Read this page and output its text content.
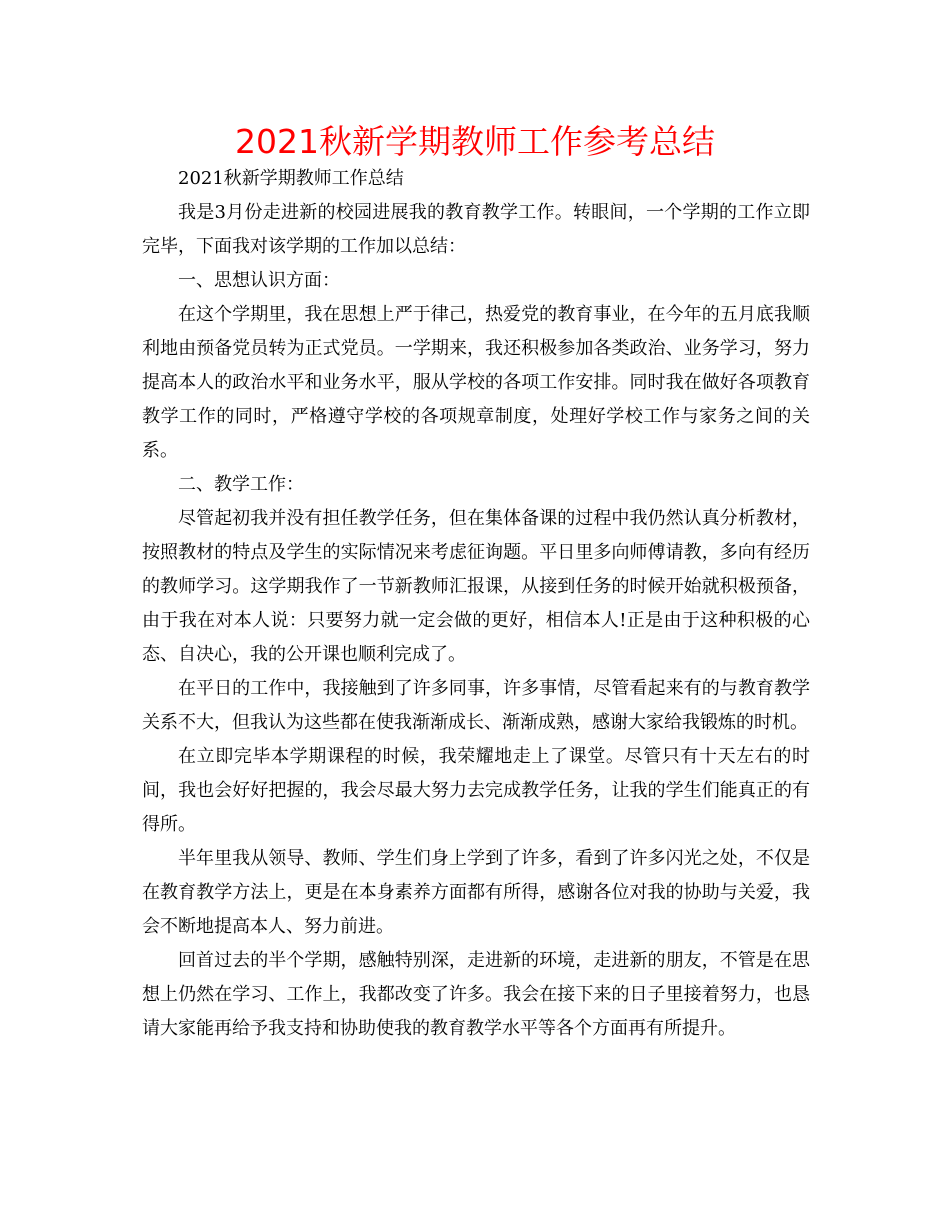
2021秋新学期教师工作参考总结

2021秋新学期教师工作总结

我是3月份走进新的校园进展我的教育教学工作。转眼间，一个学期的工作立即完毕，下面我对该学期的工作加以总结：

一、思想认识方面：

在这个学期里，我在思想上严于律己，热爱党的教育事业，在今年的五月底我顺利地由预备党员转为正式党员。一学期来，我还积极参加各类政治、业务学习，努力提高本人的政治水平和业务水平，服从学校的各项工作安排。同时我在做好各项教育教学工作的同时，严格遵守学校的各项规章制度，处理好学校工作与家务之间的关系。

二、教学工作：

尽管起初我并没有担任教学任务，但在集体备课的过程中我仍然认真分析教材，按照教材的特点及学生的实际情况来考虑征询题。平日里多向师傅请教，多向有经历的教师学习。这学期我作了一节新教师汇报课，从接到任务的时候开始就积极预备，由于我在对本人说：只要努力就一定会做的更好，相信本人!正是由于这种积极的心态、自决心，我的公开课也顺利完成了。

在平日的工作中，我接触到了许多同事，许多事情，尽管看起来有的与教育教学关系不大，但我认为这些都在使我渐渐成长、渐渐成熟，感谢大家给我锻炼的时机。

在立即完毕本学期课程的时候，我荣耀地走上了课堂。尽管只有十天左右的时间，我也会好好把握的，我会尽最大努力去完成教学任务，让我的学生们能真正的有得所。

半年里我从领导、教师、学生们身上学到了许多，看到了许多闪光之处，不仅是在教育教学方法上，更是在本身素养方面都有所得，感谢各位对我的协助与关爱，我会不断地提高本人、努力前进。

回首过去的半个学期，感触特别深，走进新的环境，走进新的朋友，不管是在思想上仍然在学习、工作上，我都改变了许多。我会在接下来的日子里接着努力，也恳请大家能再给予我支持和协助使我的教育教学水平等各个方面再有所提升。
